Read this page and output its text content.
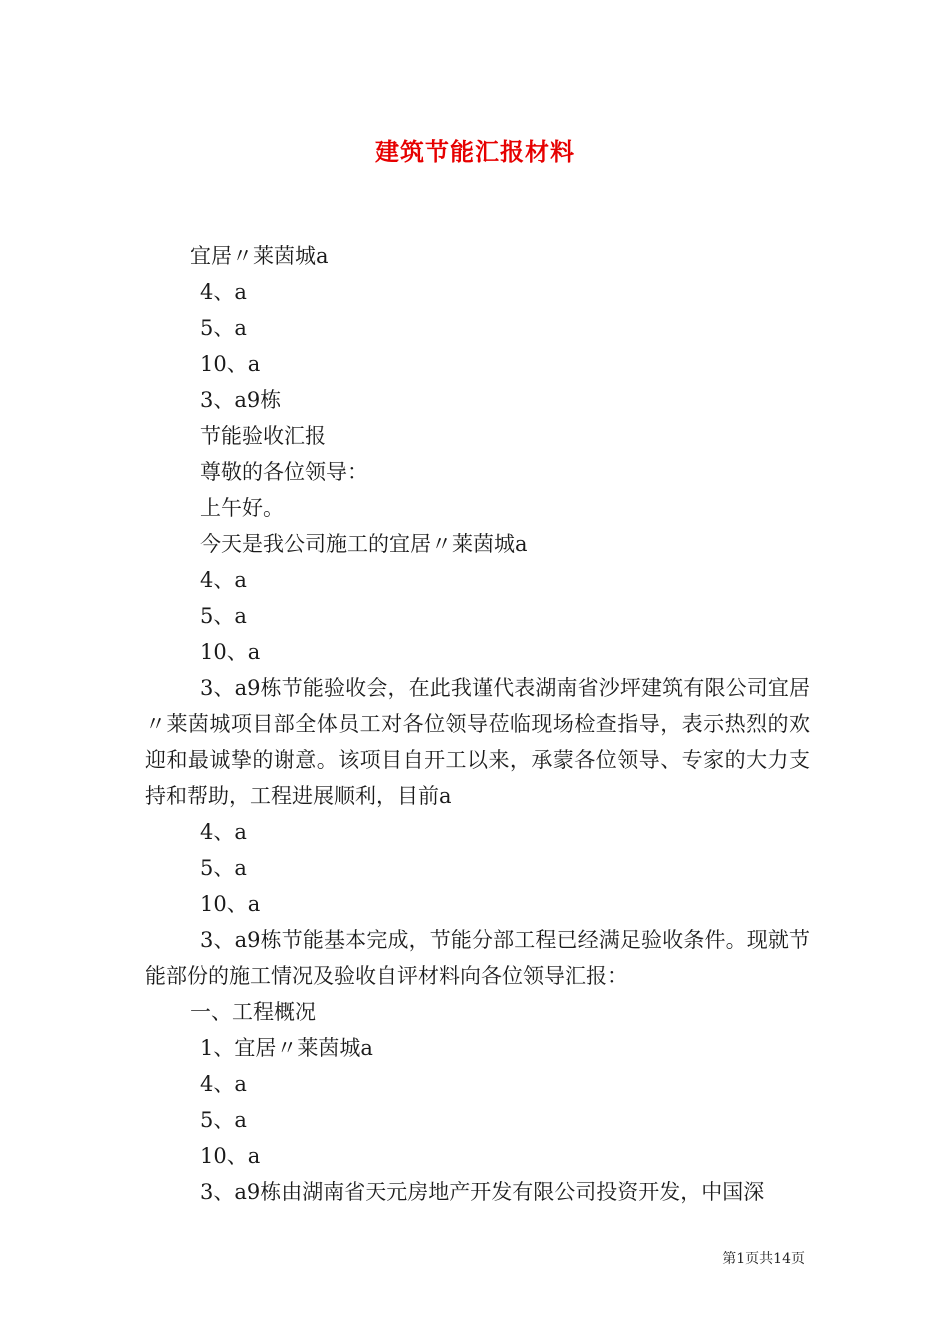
建筑节能汇报材料
宜居〃莱茵城a
4、a
5、a
10、a
3、a9栋
节能验收汇报
尊敬的各位领导：
上午好。
今天是我公司施工的宜居〃莱茵城a
4、a
5、a
10、a

3、a9栋节能验收会，在此我谨代表湖南省沙坪建筑有限公司宜居〃莱茵城项目部全体员工对各位领导莅临现场检查指导，表示热烈的欢迎和最诚挚的谢意。该项目自开工以来，承蒙各位领导、专家的大力支持和帮助，工程进展顺利，目前a

4、a
5、a
10、a

3、a9栋节能基本完成，节能分部工程已经满足验收条件。现就节能部份的施工情况及验收自评材料向各位领导汇报：

一、工程概况
1、宜居〃莱茵城a
4、a
5、a
10、a

3、a9栋由湖南省天元房地产开发有限公司投资开发，中国深

第1页共14页
